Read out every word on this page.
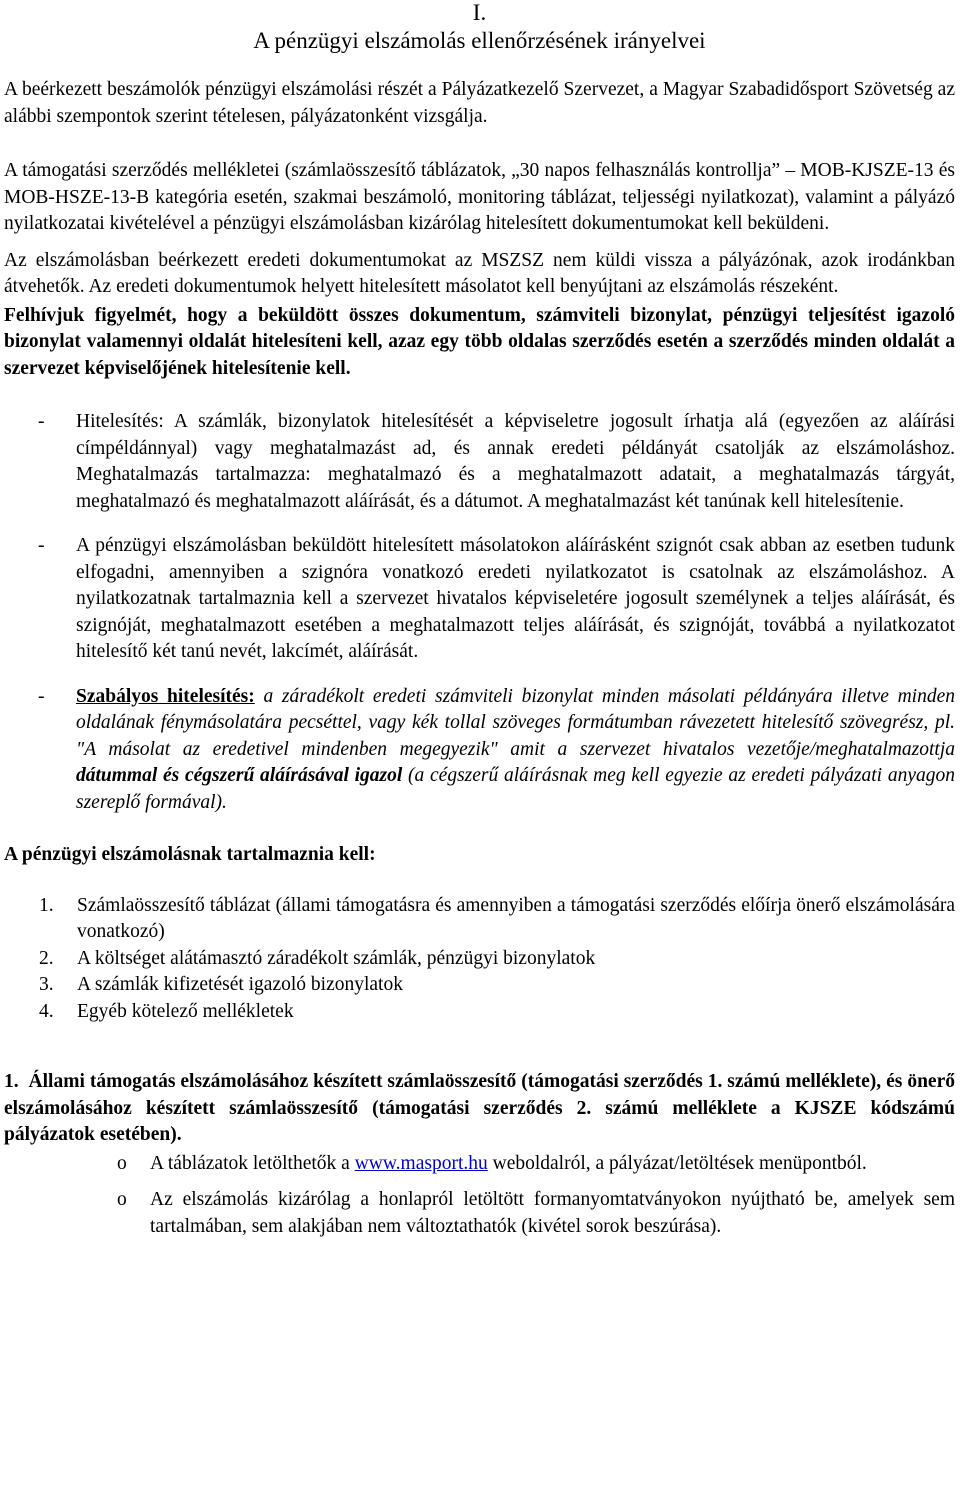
I.

A pénzügyi elszámolás ellenőrzésének irányelvei

A beérkezett beszámolók pénzügyi elszámolási részét a Pályázatkezelő Szervezet, a Magyar Szabadidősport Szövetség az alábbi szempontok szerint tételesen, pályázatonként vizsgálja.

A támogatási szerződés mellékletei (számlaösszesítő táblázatok, „30 napos felhasználás kontrollja” – MOB-KJSZE-13 és MOB-HSZE-13-B kategória esetén, szakmai beszámoló, monitoring táblázat, teljességi nyilatkozat), valamint a pályázó nyilatkozatai kivételével a pénzügyi elszámolásban kizárólag hitelesített dokumentumokat kell beküldeni.

Az elszámolásban beérkezett eredeti dokumentumokat az MSZSZ nem küldi vissza a pályázónak, azok irodánkban átvehetők. Az eredeti dokumentumok helyett hitelesített másolatot kell benyújtani az elszámolás részeként.

Felhívjuk figyelmét, hogy a beküldött összes dokumentum, számviteli bizonylat, pénzügyi teljesítést igazoló bizonylat valamennyi oldalát hitelesíteni kell, azaz egy több oldalas szerződés esetén a szerződés minden oldalát a szervezet képviselőjének hitelesítenie kell.

-	Hitelesítés: A számlák, bizonylatok hitelesítését a képviseletre jogosult írhatja alá (egyezően az aláírási címpéldánnyal) vagy meghatalmazást ad, és annak eredeti példányát csatolják az elszámoláshoz. Meghatalmazás tartalmazza: meghatalmazó és a meghatalmazott adatait, a meghatalmazás tárgyát, meghatalmazó és meghatalmazott aláírását, és a dátumot. A meghatalmazást két tanúnak kell hitelesítenie.
-	A pénzügyi elszámolásban beküldött hitelesített másolatokon aláírásként szignót csak abban az esetben tudunk elfogadni, amennyiben a szignóra vonatkozó eredeti nyilatkozatot is csatolnak az elszámoláshoz. A nyilatkozatnak tartalmaznia kell a szervezet hivatalos képviseletére jogosult személynek a teljes aláírását, és szignóját, meghatalmazott esetében a meghatalmazott teljes aláírását, és szignóját, továbbá a nyilatkozatot hitelesítő két tanú nevét, lakcímét, aláírását.
-	Szabályos hitelesítés: a záradékolt eredeti számviteli bizonylat minden másolati példányára illetve minden oldalának fénymásolatára pecséttel, vagy kék tollal szöveges formátumban rávezetett hitelesítő szövegrész, pl. "A másolat az eredetivel mindenben megegyezik" amit a szervezet hivatalos vezetője/meghatalmazottja dátummal és cégszerű aláírásával igazol (a cégszerű aláírásnak meg kell egyezie az eredeti pályázati anyagon szereplő formával).

A pénzügyi elszámolásnak tartalmaznia kell:

1.	Számlaösszesítő táblázat (állami támogatásra és amennyiben a támogatási szerződés előírja önerő elszámolására vonatkozó)
2.	A költséget alátámasztó záradékolt számlák, pénzügyi bizonylatok
3.	A számlák kifizetését igazoló bizonylatok
4.	Egyéb kötelező mellékletek

1.  Állami támogatás elszámolásához készített számlaösszesítő (támogatási szerződés 1. számú melléklete), és önerő elszámolásához készített számlaösszesítő (támogatási szerződés 2. számú melléklete a KJSZE kódszámú pályázatok esetében).

o	A táblázatok letölthetők a www.masport.hu weboldalról, a pályázat/letöltések menüpontból.
o	Az elszámolás kizárólag a honlapról letöltött formanyomtatványokon nyújtható be, amelyek sem tartalmában, sem alakjában nem változtathatók (kivétel sorok beszúrása).
